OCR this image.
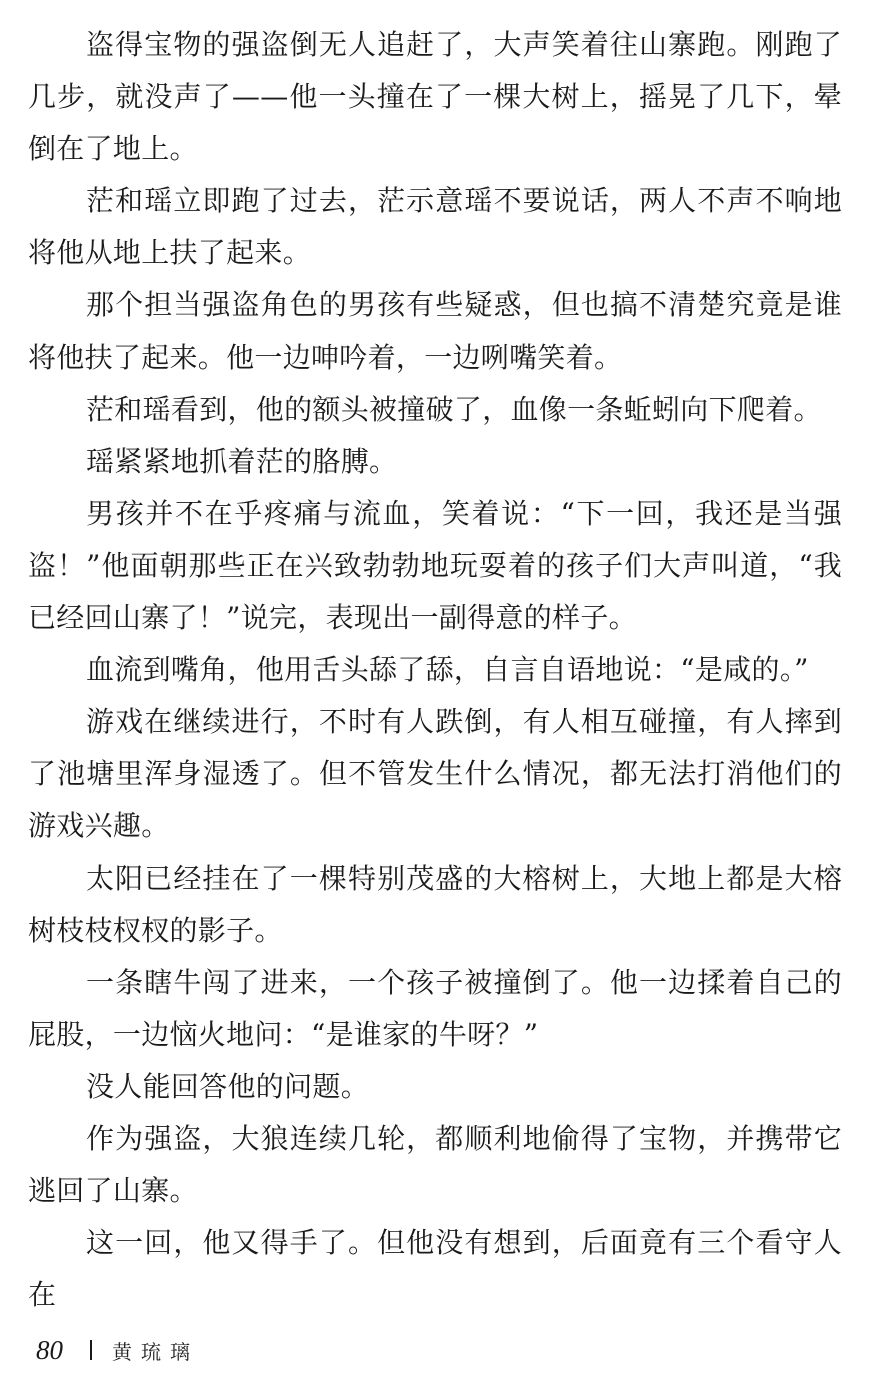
盗得宝物的强盗倒无人追赶了，大声笑着往山寨跑。刚跑了几步，就没声了——他一头撞在了一棵大树上，摇晃了几下，晕倒在了地上。

茫和瑶立即跑了过去，茫示意瑶不要说话，两人不声不响地将他从地上扶了起来。

那个担当强盗角色的男孩有些疑惑，但也搞不清楚究竟是谁将他扶了起来。他一边呻吟着，一边咧嘴笑着。

茫和瑶看到，他的额头被撞破了，血像一条蚯蚓向下爬着。

瑶紧紧地抓着茫的胳膊。

男孩并不在乎疼痛与流血，笑着说：“下一回，我还是当强盗！”他面朝那些正在兴致勃勃地玩耍着的孩子们大声叫道，“我已经回山寨了！”说完，表现出一副得意的样子。

血流到嘴角，他用舌头舔了舔，自言自语地说：“是咸的。”

游戏在继续进行，不时有人跌倒，有人相互碰撞，有人摔到了池塘里浑身湿透了。但不管发生什么情况，都无法打消他们的游戏兴趣。

太阳已经挂在了一棵特别茂盛的大榕树上，大地上都是大榕树枝枝杈杈的影子。

一条瞎牛闯了进来，一个孩子被撞倒了。他一边揉着自己的屁股，一边恼火地问：“是谁家的牛呀？”

没人能回答他的问题。

作为强盗，大狼连续几轮，都顺利地偷得了宝物，并携带它逃回了山寨。

这一回，他又得手了。但他没有想到，后面竟有三个看守人在

80	黄琉璃
